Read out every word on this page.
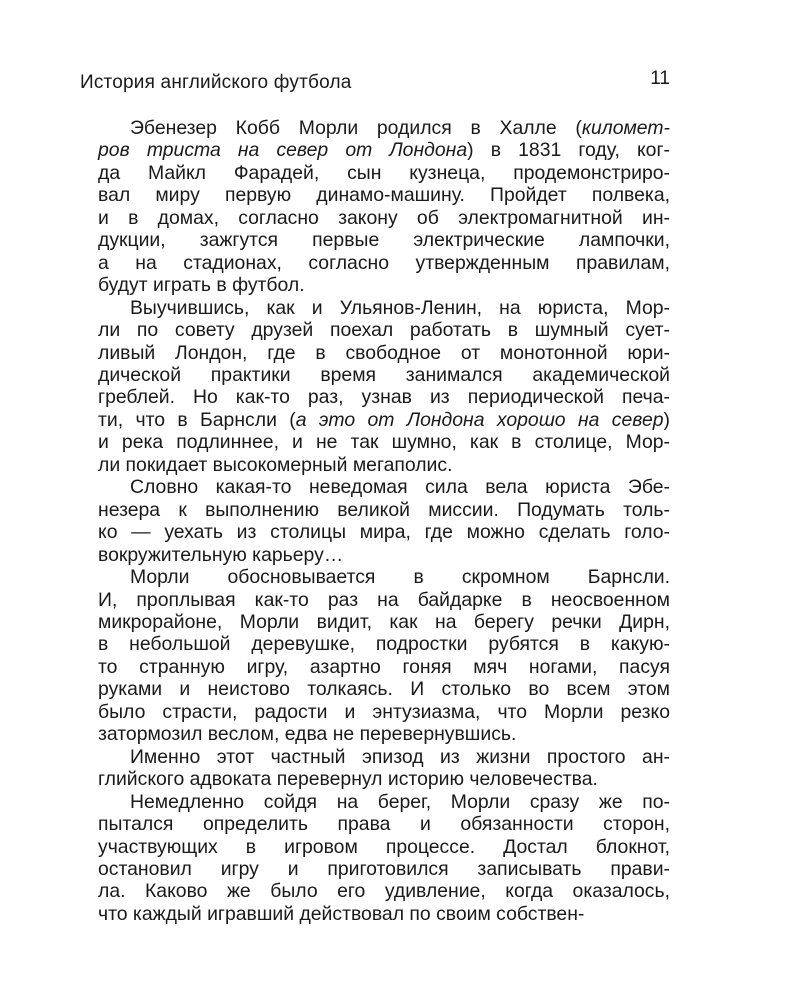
История английского футбола	11
Эбенезер Кобб Морли родился в Халле (километ-
ров триста на север от Лондона) в 1831 году, ког-
да Майкл Фарадей, сын кузнеца, продемонстриро-
вал миру первую динамо-машину. Пройдет полвека,
и в домах, согласно закону об электромагнитной ин-
дукции, зажгутся первые электрические лампочки,
а на стадионах, согласно утвержденным правилам,
будут играть в футбол.
Выучившись, как и Ульянов-Ленин, на юриста, Мор-
ли по совету друзей поехал работать в шумный сует-
ливый Лондон, где в свободное от монотонной юри-
дической практики время занимался академической
греблей. Но как-то раз, узнав из периодической печа-
ти, что в Барнсли (а это от Лондона хорошо на север)
и река подлиннее, и не так шумно, как в столице, Мор-
ли покидает высокомерный мегаполис.
Словно какая-то неведомая сила вела юриста Эбе-
незера к выполнению великой миссии. Подумать толь-
ко — уехать из столицы мира, где можно сделать голо-
вокружительную карьеру…
Морли обосновывается в скромном Барнсли.
И, проплывая как-то раз на байдарке в неосвоенном
микрорайоне, Морли видит, как на берегу речки Дирн,
в небольшой деревушке, подростки рубятся в какую-
то странную игру, азартно гоняя мяч ногами, пасуя
руками и неистово толкаясь. И столько во всем этом
было страсти, радости и энтузиазма, что Морли резко
затормозил веслом, едва не перевернувшись.
Именно этот частный эпизод из жизни простого ан-
глийского адвоката перевернул историю человечества.
Немедленно сойдя на берег, Морли сразу же по-
пытался определить права и обязанности сторон,
участвующих в игровом процессе. Достал блокнот,
остановил игру и приготовился записывать прави-
ла. Каково же было его удивление, когда оказалось,
что каждый игравший действовал по своим собствен-
